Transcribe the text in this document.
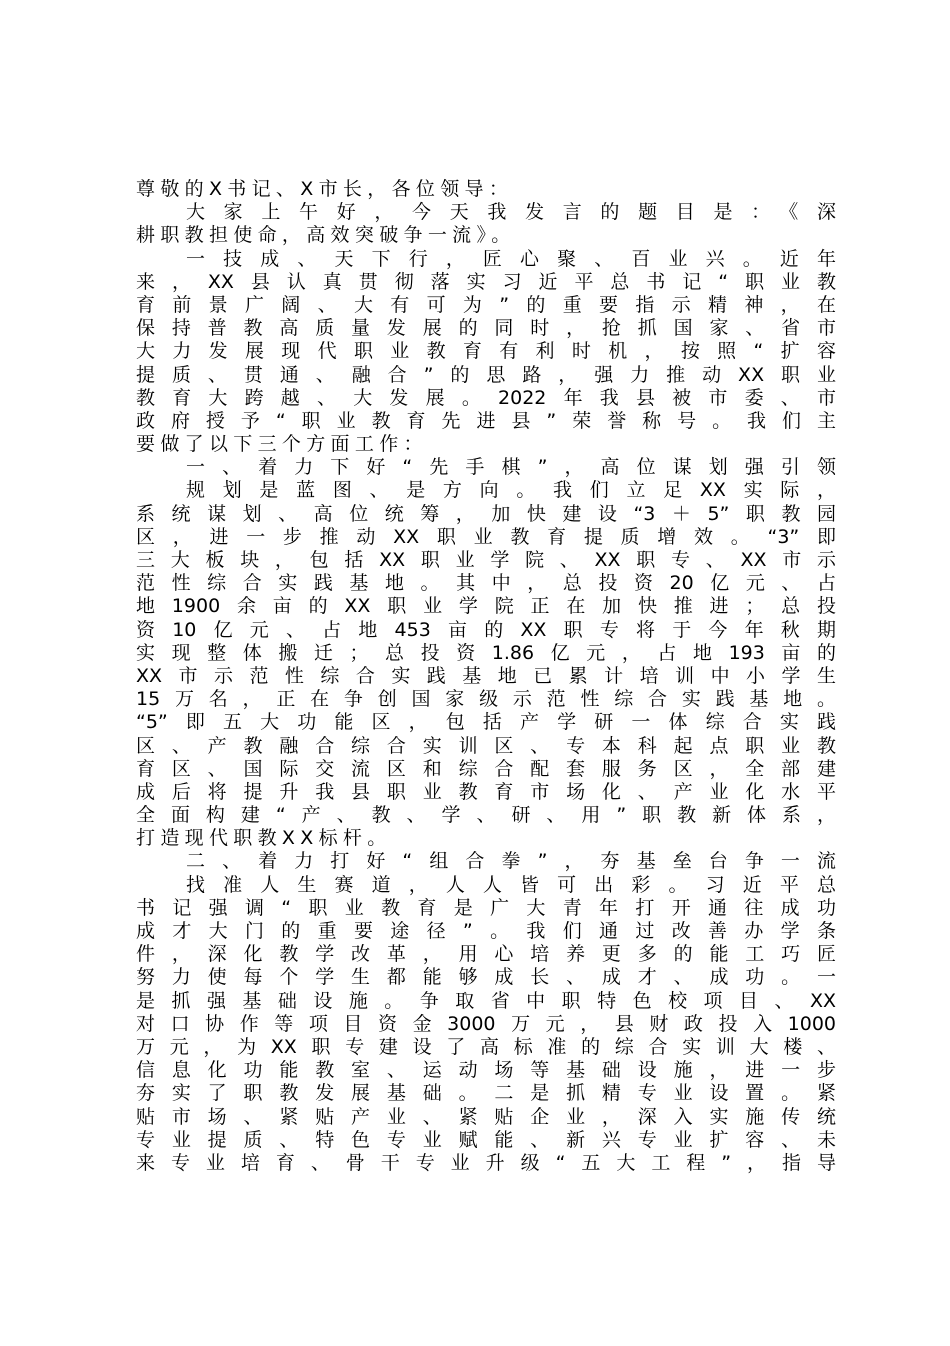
尊敬的X书记、X市长，各位领导：
大家上午好，今天我发言的题目是：《深
耕职教担使命，高效突破争一流》。
一技成、天下行，匠心聚、百业兴。近年
来，XX县认真贯彻落实习近平总书记“职业教
育前景广阔、大有可为”的重要指示精神，在
保持普教高质量发展的同时，抢抓国家、省市
大力发展现代职业教育有利时机，按照“扩容
提质、贯通、融合”的思路，强力推动XX职业
教育大跨越、大发展。2022年我县被市委、市
政府授予“职业教育先进县”荣誉称号。我们主
要做了以下三个方面工作：
一、着力下好“先手棋”，高位谋划强引领
规划是蓝图、是方向。我们立足XX实际，
系统谋划、高位统筹，加快建设“3＋5”职教园
区，进一步推动XX职业教育提质增效。“3”即
三大板块，包括XX职业学院、XX职专、XX市示
范性综合实践基地。其中，总投资20亿元、占
地1900余亩的XX职业学院正在加快推进；总投
资10亿元、占地453亩的XX职专将于今年秋期
实现整体搬迁；总投资1.86亿元，占地193亩的
XX市示范性综合实践基地已累计培训中小学生
15万名，正在争创国家级示范性综合实践基地。
“5”即五大功能区，包括产学研一体综合实践
区、产教融合综合实训区、专本科起点职业教
育区、国际交流区和综合配套服务区，全部建
成后将提升我县职业教育市场化、产业化水平
全面构建“产、教、学、研、用”职教新体系，
打造现代职教XX标杆。
二、着力打好“组合拳”，夯基垒台争一流
找准人生赛道，人人皆可出彩。习近平总
书记强调“职业教育是广大青年打开通往成功
成才大门的重要途径”。我们通过改善办学条
件，深化教学改革，用心培养更多的能工巧匠
努力使每个学生都能够成长、成才、成功。一
是抓强基础设施。争取省中职特色校项目、XX
对口协作等项目资金3000万元，县财政投入1000
万元，为XX职专建设了高标准的综合实训大楼、
信息化功能教室、运动场等基础设施，进一步
夯实了职教发展基础。二是抓精专业设置。紧
贴市场、紧贴产业、紧贴企业，深入实施传统
专业提质、特色专业赋能、新兴专业扩容、未
来专业培育、骨干专业升级“五大工程”，指导
